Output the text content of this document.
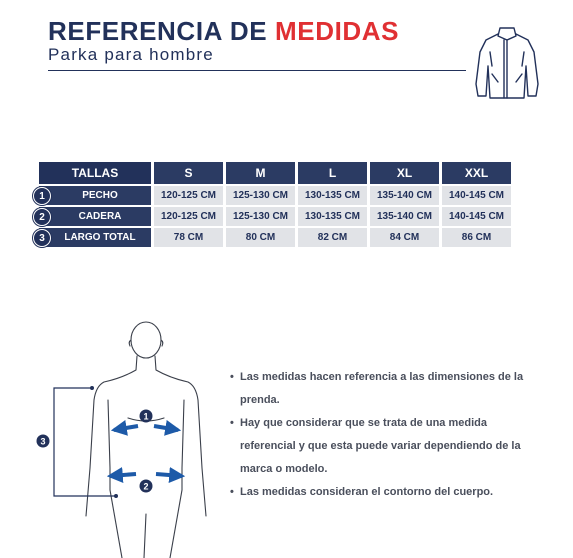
REFERENCIA DE MEDIDAS
Parka para hombre
TALLAS	S	M	L	XL	XXL

1 PECHO	120-125 CM	125-130 CM	130-135 CM	135-140 CM	140-145 CM

2 CADERA	120-125 CM	125-130 CM	130-135 CM	135-140 CM	140-145 CM

3 LARGO TOTAL	78 CM	80 CM	82 CM	84 CM	86 CM
1
2
3
• Las medidas hacen referencia a las dimensiones de la prenda.
• Hay que considerar que se trata de una medida referencial y que esta puede variar dependiendo de la marca o modelo.
• Las medidas consideran el contorno del cuerpo.
